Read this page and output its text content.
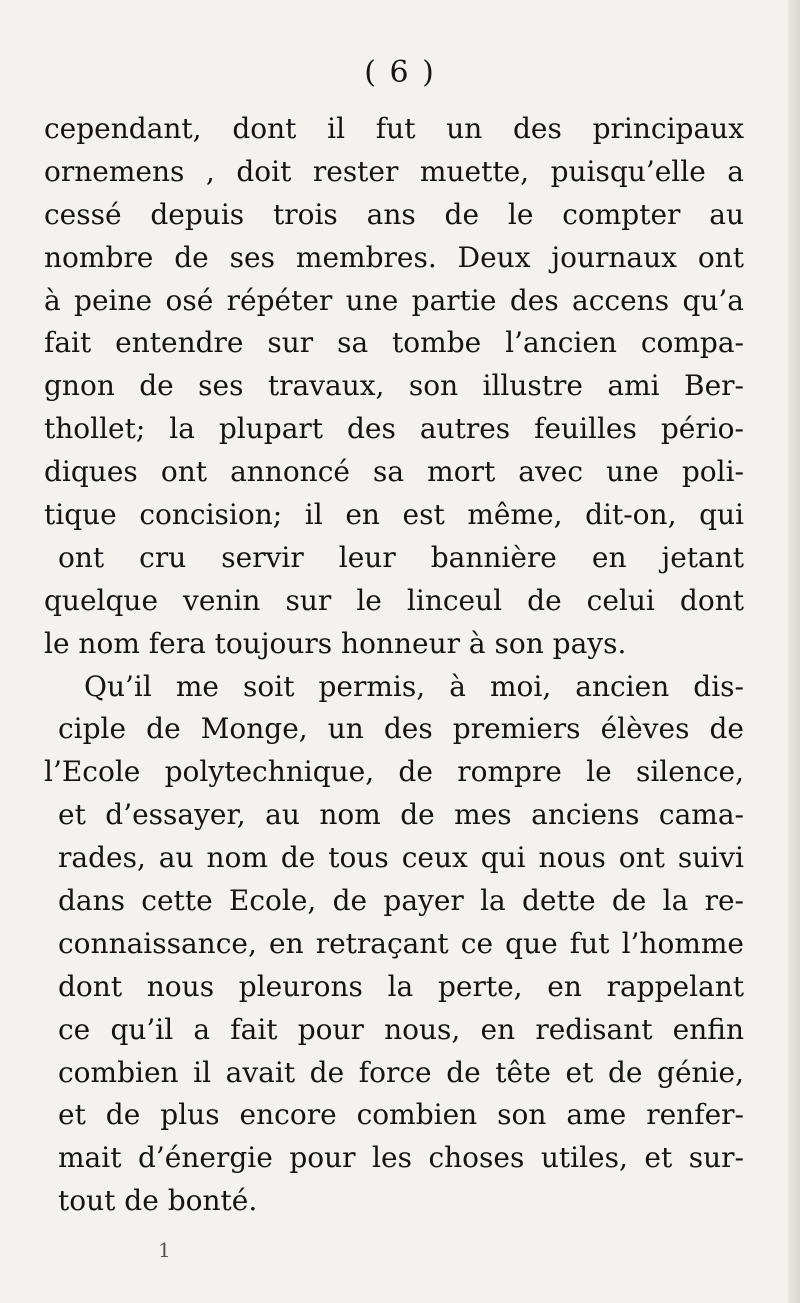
( 6 )
cependant, dont il fut un des principaux
ornemens , doit rester muette, puisqu’elle a
cessé depuis trois ans de le compter au
nombre de ses membres. Deux journaux ont
à peine osé répéter une partie des accens qu’a
fait entendre sur sa tombe l’ancien compa-
gnon de ses travaux, son illustre ami Ber-
thollet; la plupart des autres feuilles pério-
diques ont annoncé sa mort avec une poli-
tique concision; il en est même, dit-on, qui
ont cru servir leur bannière en jetant
quelque venin sur le linceul de celui dont
le nom fera toujours honneur à son pays.
Qu’il me soit permis, à moi, ancien dis-
ciple de Monge, un des premiers élèves de
l’Ecole polytechnique, de rompre le silence,
et d’essayer, au nom de mes anciens cama-
rades, au nom de tous ceux qui nous ont suivi
dans cette Ecole, de payer la dette de la re-
connaissance, en retraçant ce que fut l’homme
dont nous pleurons la perte, en rappelant
ce qu’il a fait pour nous, en redisant enfin
combien il avait de force de tête et de génie,
et de plus encore combien son ame renfer-
mait d’énergie pour les choses utiles, et sur-
tout de bonté.
1
